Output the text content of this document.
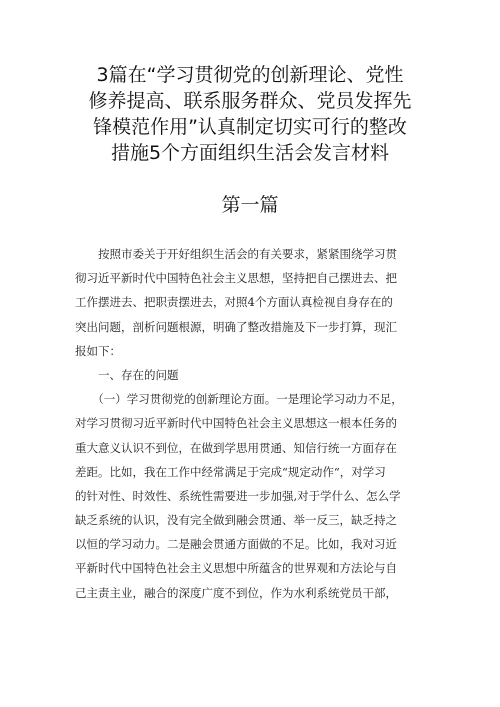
3篇在“学习贯彻党的创新理论、党性
修养提高、联系服务群众、党员发挥先
锋模范作用”认真制定切实可行的整改
措施5个方面组织生活会发言材料
第一篇
　　按照市委关于开好组织生活会的有关要求，紧紧围绕学习贯
彻习近平新时代中国特色社会主义思想，坚持把自己摆进去、把
工作摆进去、把职责摆进去，对照4个方面认真检视自身存在的
突出问题，剖析问题根源，明确了整改措施及下一步打算，现汇
报如下：
　　一、存在的问题
　　（一）学习贯彻党的创新理论方面。一是理论学习动力不足，
对学习贯彻习近平新时代中国特色社会主义思想这一根本任务的
重大意义认识不到位，在做到学思用贯通、知信行统一方面存在
差距。比如，我在工作中经常满足于完成“规定动作“，对学习
的针对性、时效性、系统性需要进一步加强,对于学什么、怎么学
缺乏系统的认识，没有完全做到融会贯通、举一反三，缺乏持之
以恒的学习动力。二是融会贯通方面做的不足。比如，我对习近
平新时代中国特色社会主义思想中所蕴含的世界观和方法论与自
己主责主业，融合的深度广度不到位，作为水利系统党员干部，
